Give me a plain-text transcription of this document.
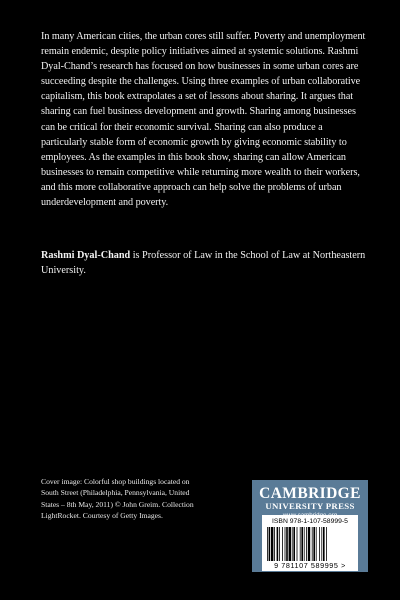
In many American cities, the urban cores still suffer. Poverty and unemployment remain endemic, despite policy initiatives aimed at systemic solutions. Rashmi Dyal-Chand’s research has focused on how businesses in some urban cores are succeeding despite the challenges. Using three examples of urban collaborative capitalism, this book extrapolates a set of lessons about sharing. It argues that sharing can fuel business development and growth. Sharing among businesses can be critical for their economic survival. Sharing can also produce a particularly stable form of economic growth by giving economic stability to employees. As the examples in this book show, sharing can allow American businesses to remain competitive while returning more wealth to their workers, and this more collaborative approach can help solve the problems of urban underdevelopment and poverty.

Rashmi Dyal-Chand is Professor of Law in the School of Law at Northeastern University.
Cover image: Colorful shop buildings located on South Street (Philadelphia, Pennsylvania, United States – 8th May, 2011) © John Greim. Collection LightRocket. Courtesy of Getty Images.
CAMBRIDGE
UNIVERSITY PRESS
ISBN 978-1-107-58999-5
9 781107 589995 >
